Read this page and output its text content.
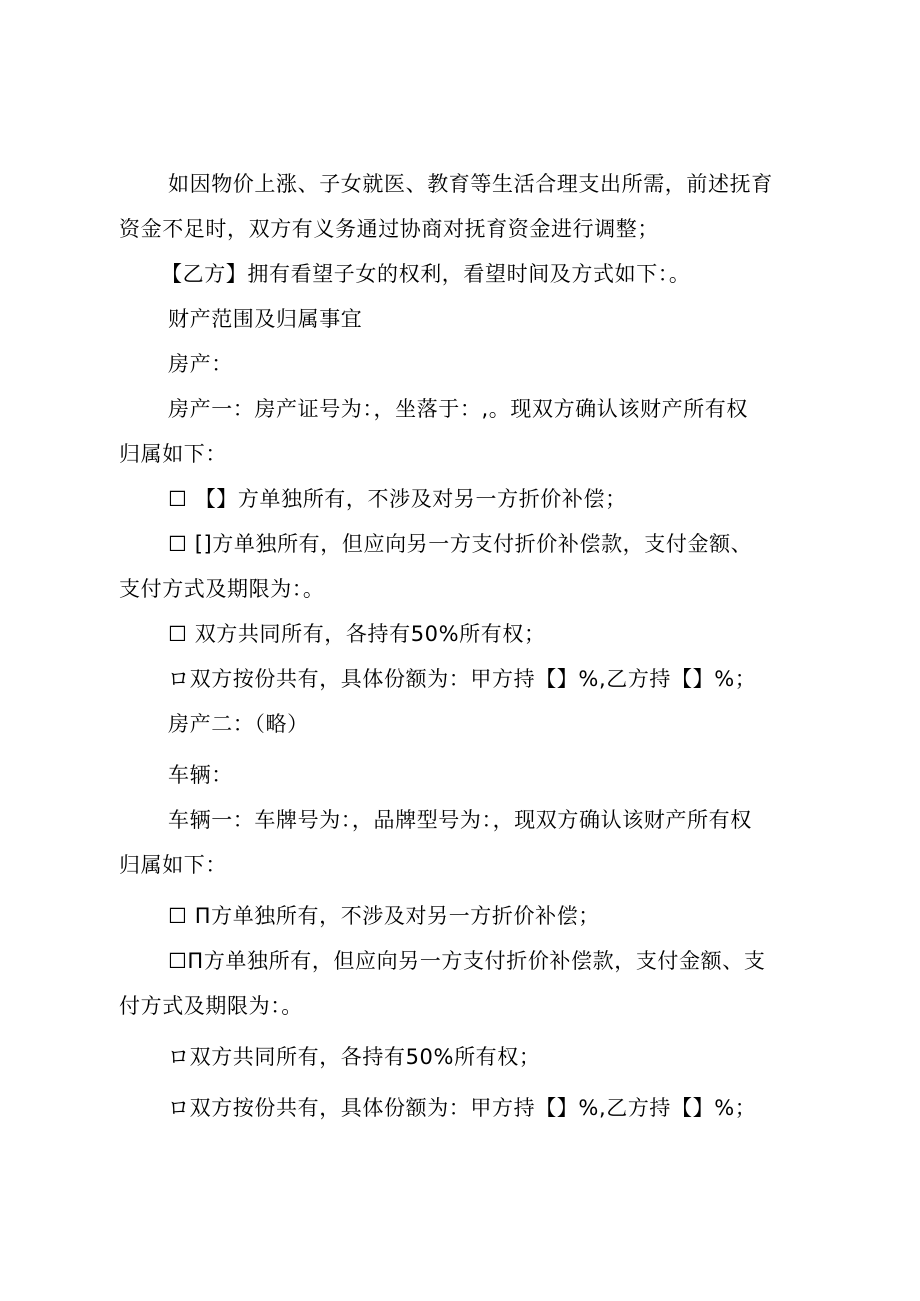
如因物价上涨、子女就医、教育等生活合理支出所需，前述抚育
资金不足时，双方有义务通过协商对抚育资金进行调整；
【乙方】拥有看望子女的权利，看望时间及方式如下：。
财产范围及归属事宜
房产：
房产一：房产证号为：，坐落于：,。现双方确认该财产所有权
归属如下：
☐ 【】方单独所有，不涉及对另一方折价补偿；
☐ []方单独所有，但应向另一方支付折价补偿款，支付金额、
支付方式及期限为：。
☐ 双方共同所有，各持有50%所有权；
ロ双方按份共有，具体份额为：甲方持【】%,乙方持【】%；
房产二：（略）
车辆：
车辆一：车牌号为：，品牌型号为：，现双方确认该财产所有权
归属如下：
☐ Π方单独所有，不涉及对另一方折价补偿；
☐Π方单独所有，但应向另一方支付折价补偿款，支付金额、支
付方式及期限为：。
ロ双方共同所有，各持有50%所有权；
ロ双方按份共有，具体份额为：甲方持【】%,乙方持【】%；
